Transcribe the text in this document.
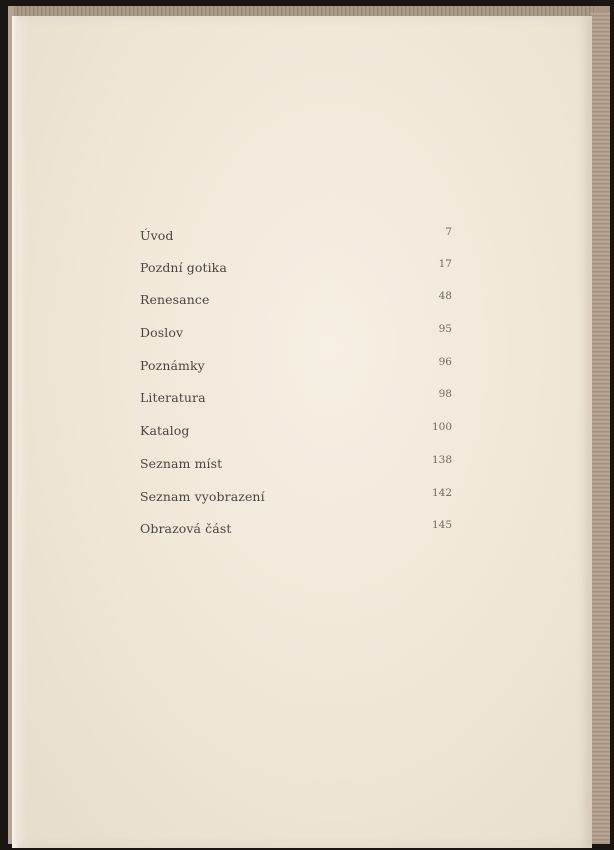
Úvod	7
Pozdní gotika	17
Renesance	48
Doslov	95
Poznámky	96
Literatura	98
Katalog	100
Seznam míst	138
Seznam vyobrazení	142
Obrazová část	145
